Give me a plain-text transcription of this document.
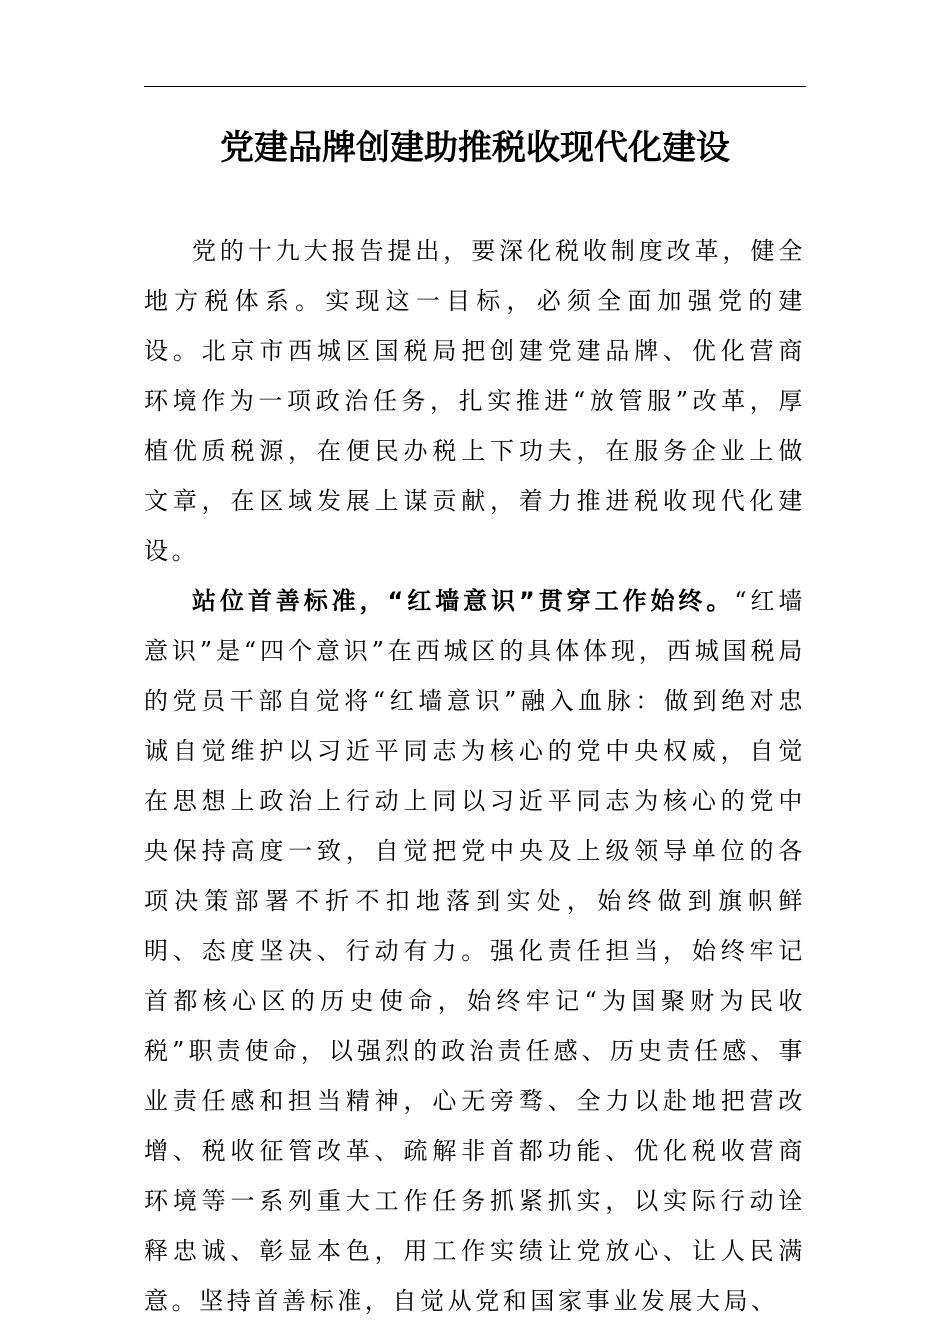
党建品牌创建助推税收现代化建设

党的十九大报告提出，要深化税收制度改革，健全地方税体系。实现这一目标，必须全面加强党的建设。北京市西城区国税局把创建党建品牌、优化营商环境作为一项政治任务，扎实推进“放管服”改革，厚植优质税源，在便民办税上下功夫，在服务企业上做文章，在区域发展上谋贡献，着力推进税收现代化建设。

站位首善标准，“红墙意识”贯穿工作始终。“红墙意识”是“四个意识”在西城区的具体体现，西城国税局的党员干部自觉将“红墙意识”融入血脉：做到绝对忠诚自觉维护以习近平同志为核心的党中央权威，自觉在思想上政治上行动上同以习近平同志为核心的党中央保持高度一致，自觉把党中央及上级领导单位的各项决策部署不折不扣地落到实处，始终做到旗帜鲜明、态度坚决、行动有力。强化责任担当，始终牢记首都核心区的历史使命，始终牢记“为国聚财为民收税”职责使命，以强烈的政治责任感、历史责任感、事业责任感和担当精神，心无旁骛、全力以赴地把营改增、税收征管改革、疏解非首都功能、优化税收营商环境等一系列重大工作任务抓紧抓实，以实际行动诠释忠诚、彰显本色，用工作实绩让党放心、让人民满意。坚持首善标准，自觉从党和国家事业发展大局、
